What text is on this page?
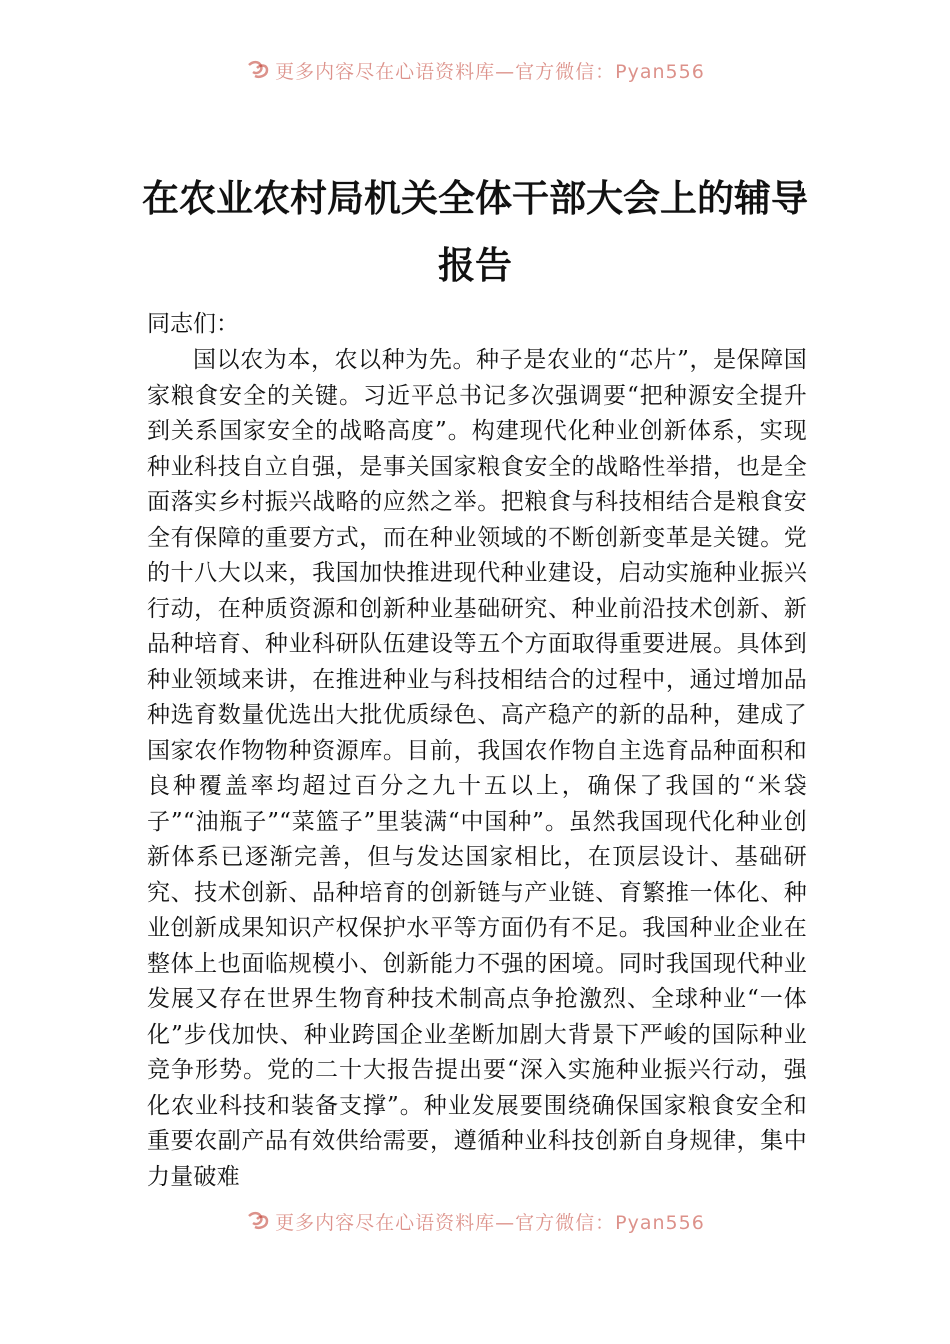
更多内容尽在心语资料库—官方微信：Pyan556
在农业农村局机关全体干部大会上的辅导
报告

同志们：

国以农为本，农以种为先。种子是农业的“芯片”，是保障国家粮食安全的关键。习近平总书记多次强调要“把种源安全提升到关系国家安全的战略高度”。构建现代化种业创新体系，实现种业科技自立自强，是事关国家粮食安全的战略性举措，也是全面落实乡村振兴战略的应然之举。把粮食与科技相结合是粮食安全有保障的重要方式，而在种业领域的不断创新变革是关键。党的十八大以来，我国加快推进现代种业建设，启动实施种业振兴行动，在种质资源和创新种业基础研究、种业前沿技术创新、新品种培育、种业科研队伍建设等五个方面取得重要进展。具体到种业领域来讲，在推进种业与科技相结合的过程中，通过增加品种选育数量优选出大批优质绿色、高产稳产的新的品种，建成了国家农作物物种资源库。目前，我国农作物自主选育品种面积和良种覆盖率均超过百分之九十五以上，确保了我国的“米袋子”“油瓶子”“菜篮子”里装满“中国种”。虽然我国现代化种业创新体系已逐渐完善，但与发达国家相比，在顶层设计、基础研究、技术创新、品种培育的创新链与产业链、育繁推一体化、种业创新成果知识产权保护水平等方面仍有不足。我国种业企业在整体上也面临规模小、创新能力不强的困境。同时我国现代种业发展又存在世界生物育种技术制高点争抢激烈、全球种业“一体化”步伐加快、种业跨国企业垄断加剧大背景下严峻的国际种业竞争形势。党的二十大报告提出要“深入实施种业振兴行动，强化农业科技和装备支撑”。种业发展要围绕确保国家粮食安全和重要农副产品有效供给需要，遵循种业科技创新自身规律，集中力量破难

更多内容尽在心语资料库—官方微信：Pyan556
